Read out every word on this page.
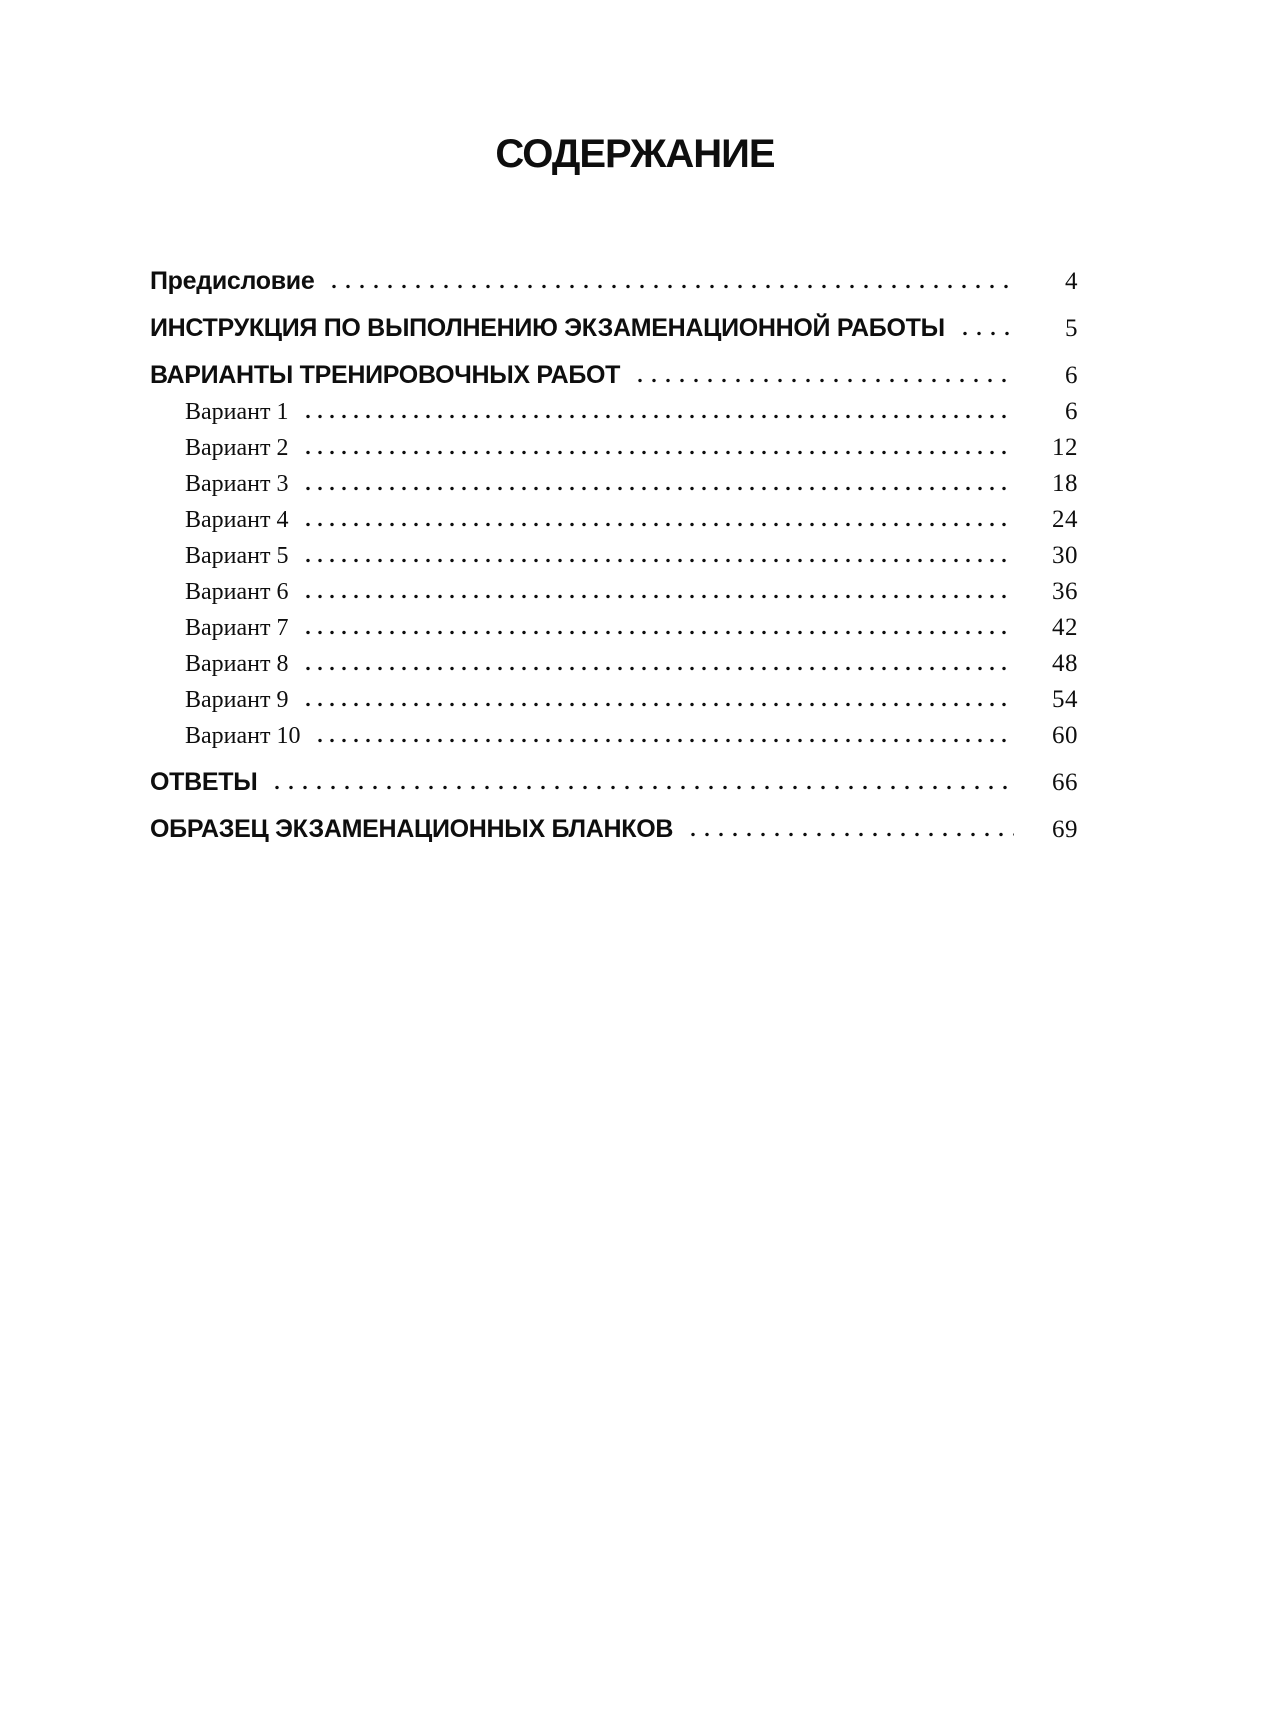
СОДЕРЖАНИЕ
Предисловие	4
ИНСТРУКЦИЯ ПО ВЫПОЛНЕНИЮ ЭКЗАМЕНАЦИОННОЙ РАБОТЫ	5
ВАРИАНТЫ ТРЕНИРОВОЧНЫХ РАБОТ	6
Вариант 1	6
Вариант 2	12
Вариант 3	18
Вариант 4	24
Вариант 5	30
Вариант 6	36
Вариант 7	42
Вариант 8	48
Вариант 9	54
Вариант 10	60
ОТВЕТЫ	66
ОБРАЗЕЦ ЭКЗАМЕНАЦИОННЫХ БЛАНКОВ	69
